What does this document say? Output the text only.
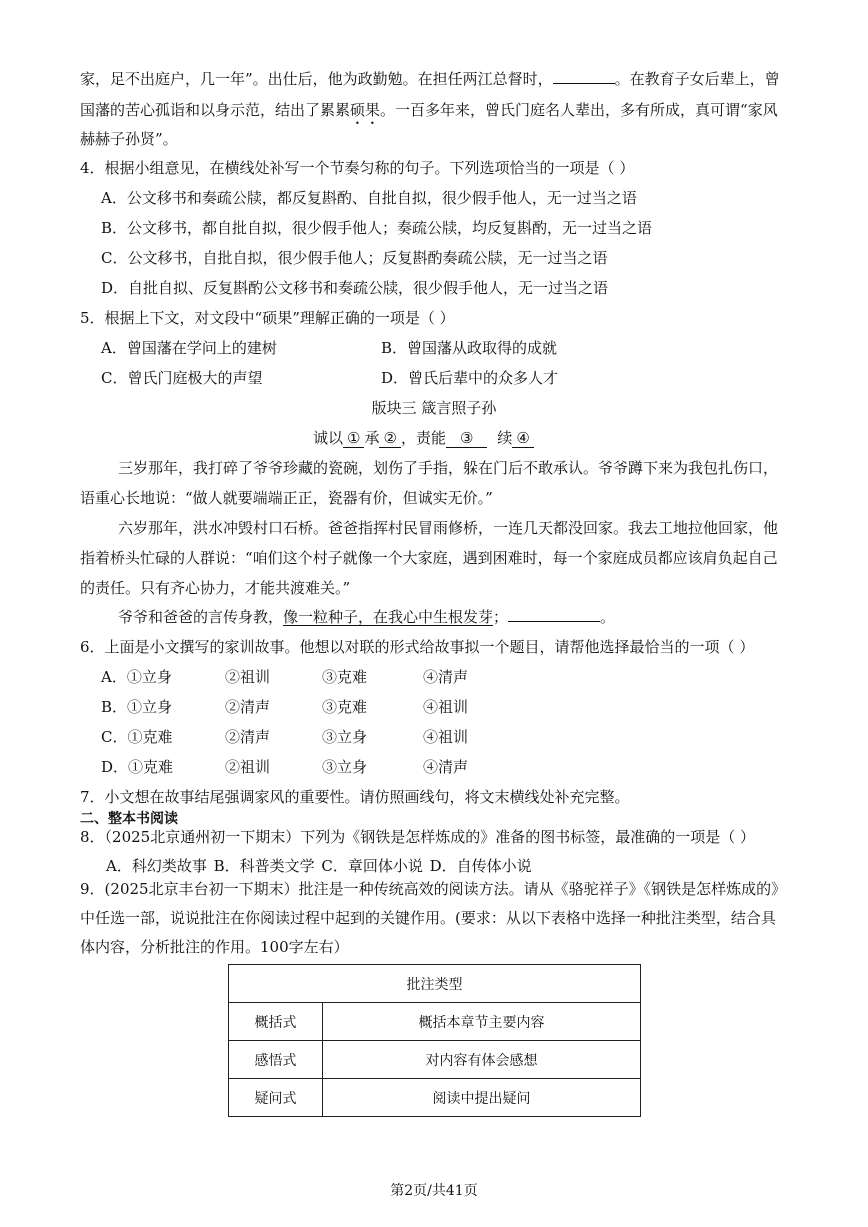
家，足不出庭户，几一年”。出仕后，他为政勤勉。在担任两江总督时，	。在教育子女后辈上，曾
国藩的苦心孤诣和以身示范，结出了累累硕果。一百多年来，曾氏门庭名人辈出，多有所成，真可谓“家风
赫赫子孙贤”。
4．根据小组意见，在横线处补写一个节奏匀称的句子。下列选项恰当的一项是（ ）
A．公文移书和奏疏公牍，都反复斟酌、自批自拟，很少假手他人，无一过当之语
B．公文移书，都自批自拟，很少假手他人；奏疏公牍，均反复斟酌，无一过当之语
C．公文移书，自批自拟，很少假手他人；反复斟酌奏疏公牍，无一过当之语
D．自批自拟、反复斟酌公文移书和奏疏公牍，很少假手他人，无一过当之语
5．根据上下文，对文段中“硕果”理解正确的一项是（ ）
A．曾国藩在学问上的建树	B．曾国藩从政取得的成就
C．曾氏门庭极大的声望	D．曾氏后辈中的众多人才
版块三 箴言照子孙
诚以 ① 承 ② ，责能 ③ 续 ④
三岁那年，我打碎了爷爷珍藏的瓷碗，划伤了手指，躲在门后不敢承认。爷爷蹲下来为我包扎伤口，
语重心长地说：“做人就要端端正正，瓷器有价，但诚实无价。”
六岁那年，洪水冲毁村口石桥。爸爸指挥村民冒雨修桥，一连几天都没回家。我去工地拉他回家，他
指着桥头忙碌的人群说：“咱们这个村子就像一个大家庭，遇到困难时，每一个家庭成员都应该肩负起自己
的责任。只有齐心协力，才能共渡难关。”
爷爷和爸爸的言传身教，像一粒种子，在我心中生根发芽；	。
6．上面是小文撰写的家训故事。他想以对联的形式给故事拟一个题目，请帮他选择最恰当的一项（ ）
A．①立身	②祖训	③克难	④清声
B．①立身	②清声	③克难	④祖训
C．①克难	②清声	③立身	④祖训
D．①克难	②祖训	③立身	④清声
7．小文想在故事结尾强调家风的重要性。请仿照画线句，将文末横线处补充完整。
二、整本书阅读
8．（2025北京通州初一下期末）下列为《钢铁是怎样炼成的》准备的图书标签，最准确的一项是（ ）
A．科幻类故事 B．科普类文学 C．章回体小说 D．自传体小说
9．(2025北京丰台初一下期末）批注是一种传统高效的阅读方法。请从《骆驼祥子》《钢铁是怎样炼成的》
中任选一部，说说批注在你阅读过程中起到的关键作用。(要求：从以下表格中选择一种批注类型，结合具
体内容，分析批注的作用。100字左右）
批注类型	
概括式	概括本章节主要内容
感悟式	对内容有体会感想
疑问式	阅读中提出疑问
第2页/共41页
